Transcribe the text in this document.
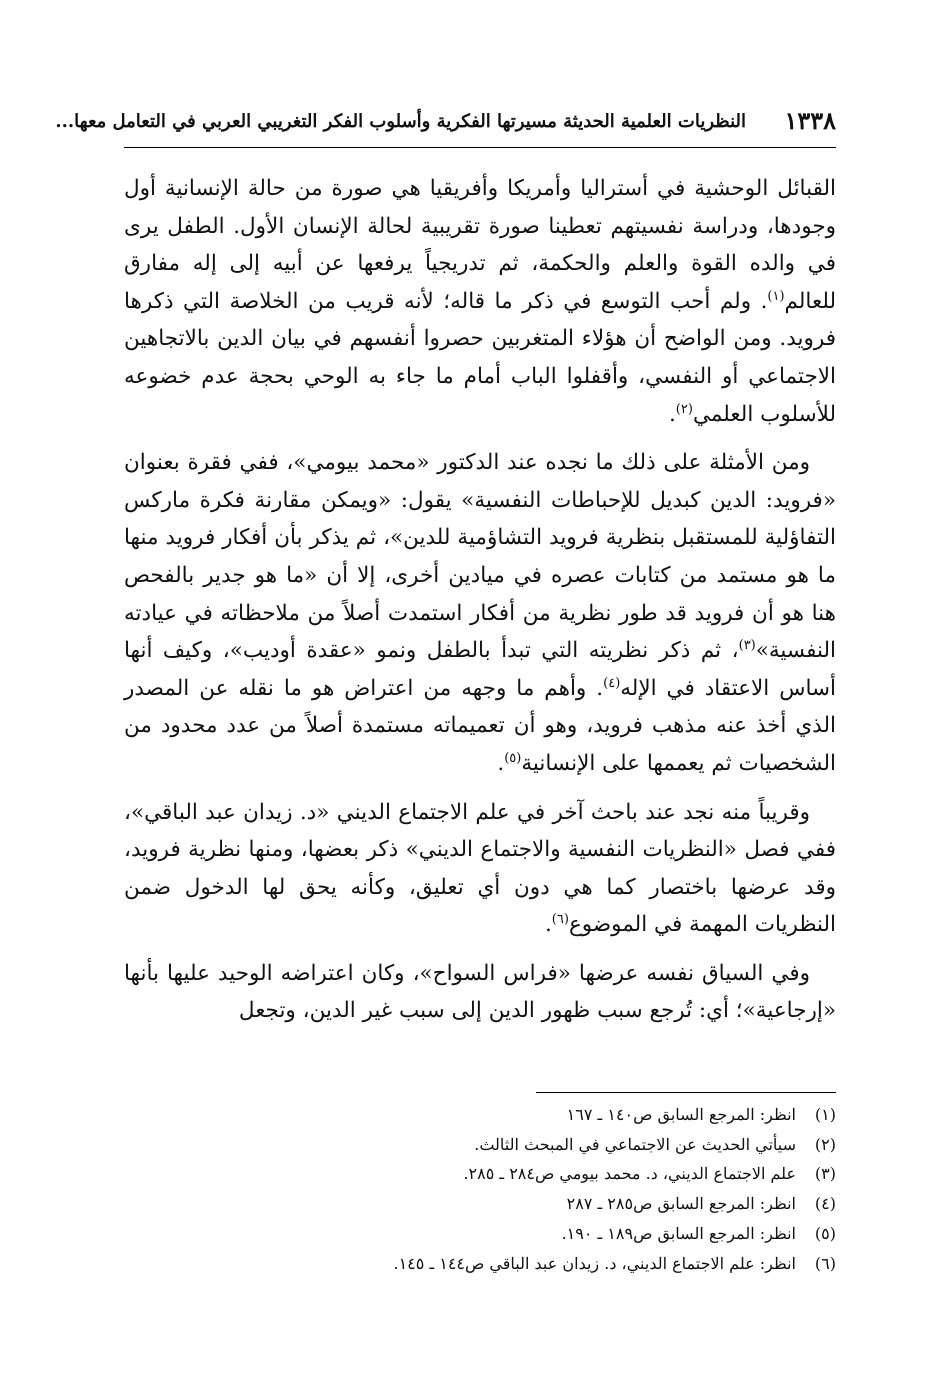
١٣٣٨
النظريات العلمية الحديثة مسيرتها الفكرية وأسلوب الفكر التغريبي العربي في التعامل معها...

القبائل الوحشية في أستراليا وأمريكا وأفريقيا هي صورة من حالة الإنسانية أول وجودها، ودراسة نفسيتهم تعطينا صورة تقريبية لحالة الإنسان الأول. الطفل يرى في والده القوة والعلم والحكمة، ثم تدريجياً يرفعها عن أبيه إلى إله مفارق للعالم$^{(١)}$. ولم أحب التوسع في ذكر ما قاله؛ لأنه قريب من الخلاصة التي ذكرها فرويد. ومن الواضح أن هؤلاء المتغربين حصروا أنفسهم في بيان الدين بالاتجاهين الاجتماعي أو النفسي، وأقفلوا الباب أمام ما جاء به الوحي بحجة عدم خضوعه للأسلوب العلمي$^{(٢)}$.

ومن الأمثلة على ذلك ما نجده عند الدكتور «محمد بيومي»، ففي فقرة بعنوان «فرويد: الدين كبديل للإحباطات النفسية» يقول: «ويمكن مقارنة فكرة ماركس التفاؤلية للمستقبل بنظرية فرويد التشاؤمية للدين»، ثم يذكر بأن أفكار فرويد منها ما هو مستمد من كتابات عصره في ميادين أخرى، إلا أن «ما هو جدير بالفحص هنا هو أن فرويد قد طور نظرية من أفكار استمدت أصلاً من ملاحظاته في عيادته النفسية»$^{(٣)}$، ثم ذكر نظريته التي تبدأ بالطفل ونمو «عقدة أوديب»، وكيف أنها أساس الاعتقاد في الإله$^{(٤)}$. وأهم ما وجهه من اعتراض هو ما نقله عن المصدر الذي أخذ عنه مذهب فرويد، وهو أن تعميماته مستمدة أصلاً من عدد محدود من الشخصيات ثم يعممها على الإنسانية$^{(٥)}$.

وقريباً منه نجد عند باحث آخر في علم الاجتماع الديني «د. زيدان عبد الباقي»، ففي فصل «النظريات النفسية والاجتماع الديني» ذكر بعضها، ومنها نظرية فرويد، وقد عرضها باختصار كما هي دون أي تعليق، وكأنه يحق لها الدخول ضمن النظريات المهمة في الموضوع$^{(٦)}$.

وفي السياق نفسه عرضها «فراس السواح»، وكان اعتراضه الوحيد عليها بأنها «إرجاعية»؛ أي: تُرجع سبب ظهور الدين إلى سبب غير الدين، وتجعل

(١)انظر: المرجع السابق ص١٤٠ ـ ١٦٧
(٢)سيأتي الحديث عن الاجتماعي في المبحث الثالث.
(٣)علم الاجتماع الديني، د. محمد بيومي ص٢٨٤ ـ ٢٨٥.
(٤)انظر: المرجع السابق ص٢٨٥ ـ ٢٨٧
(٥)انظر: المرجع السابق ص١٨٩ ـ ١٩٠.
(٦)انظر: علم الاجتماع الديني، د. زيدان عبد الباقي ص١٤٤ ـ ١٤٥.
